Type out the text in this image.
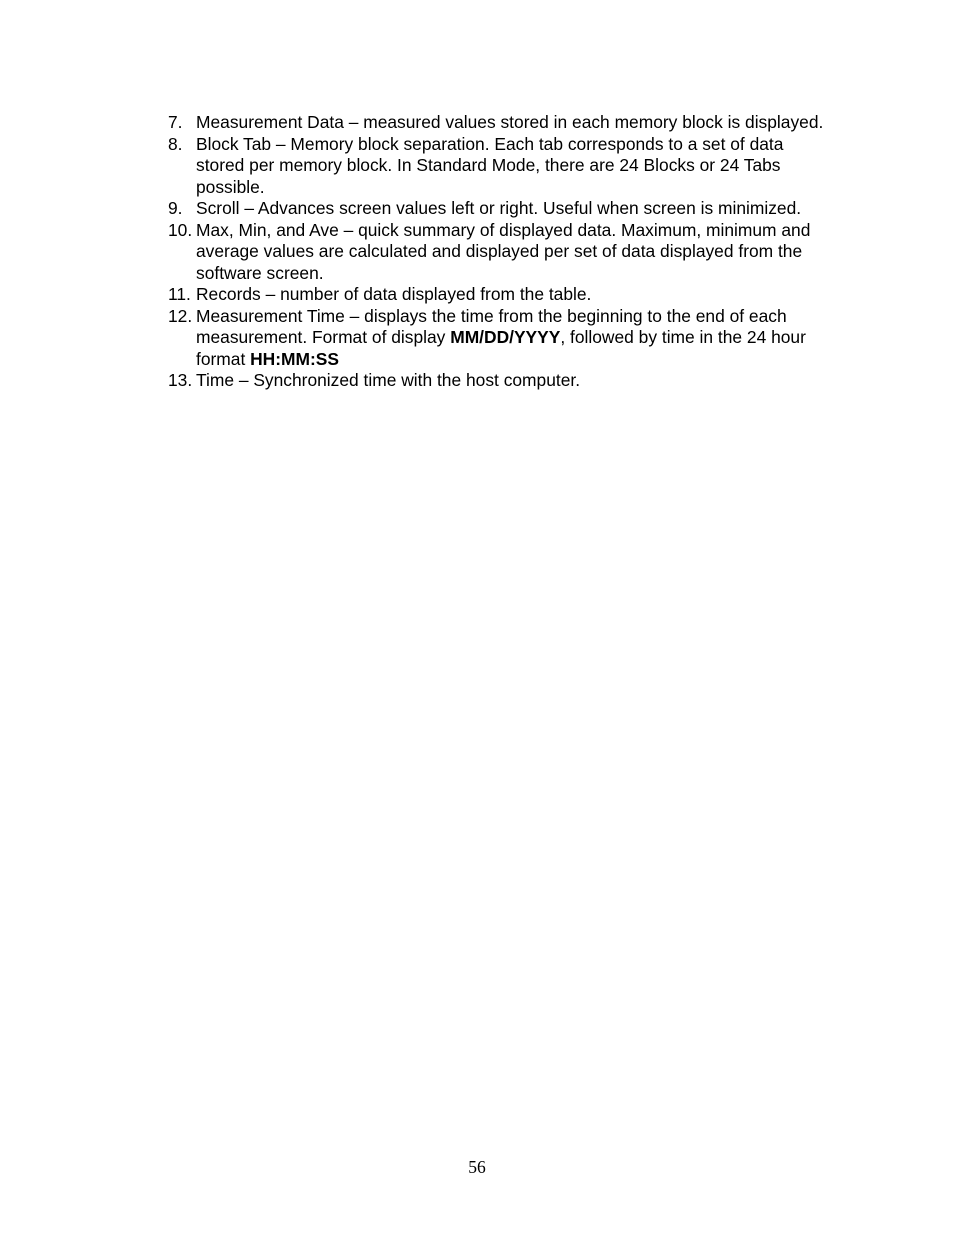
7. Measurement Data – measured values stored in each memory block is displayed.
8. Block Tab – Memory block separation. Each tab corresponds to a set of data stored per memory block. In Standard Mode, there are 24 Blocks or 24 Tabs possible.
9. Scroll – Advances screen values left or right. Useful when screen is minimized.
10. Max, Min, and Ave – quick summary of displayed data. Maximum, minimum and average values are calculated and displayed per set of data displayed from the software screen.
11. Records – number of data displayed from the table.
12. Measurement Time – displays the time from the beginning to the end of each measurement. Format of display MM/DD/YYYY, followed by time in the 24 hour format HH:MM:SS
13. Time – Synchronized time with the host computer.
56
